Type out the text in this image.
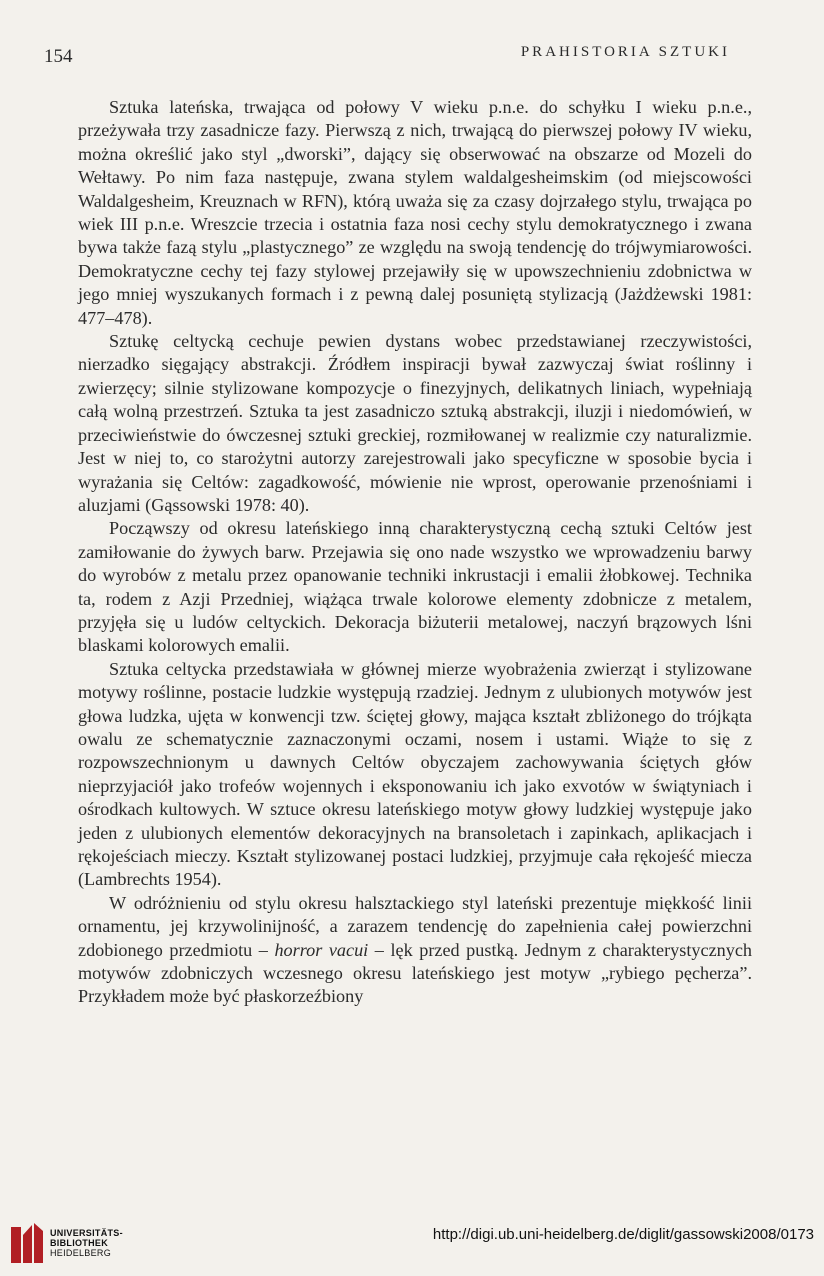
154	PRAHISTORIA SZTUKI

Sztuka lateńska, trwająca od połowy V wieku p.n.e. do schyłku I wieku p.n.e., przeżywała trzy zasadnicze fazy. Pierwszą z nich, trwającą do pierwszej połowy IV wieku, można określić jako styl „dworski”, dający się obserwować na obszarze od Mozeli do Wełtawy. Po nim faza następuje, zwana stylem waldalgesheimskim (od miejscowości Waldalgesheim, Kreuznach w RFN), którą uważa się za czasy dojrzałego stylu, trwająca po wiek III p.n.e. Wreszcie trzecia i ostatnia faza nosi cechy stylu demokratycznego i zwana bywa także fazą stylu „plastycznego” ze względu na swoją tendencję do trójwymiarowości. Demokratyczne cechy tej fazy stylowej przejawiły się w upowszechnieniu zdobnictwa w jego mniej wyszukanych formach i z pewną dalej posuniętą stylizacją (Jażdżewski 1981: 477–478).

Sztukę celtycką cechuje pewien dystans wobec przedstawianej rzeczywistości, nierzadko sięgający abstrakcji. Źródłem inspiracji bywał zazwyczaj świat roślinny i zwierzęcy; silnie stylizowane kompozycje o finezyjnych, delikatnych liniach, wypełniają całą wolną przestrzeń. Sztuka ta jest zasadniczo sztuką abstrakcji, iluzji i niedomówień, w przeciwieństwie do ówczesnej sztuki greckiej, rozmiłowanej w realizmie czy naturalizmie. Jest w niej to, co starożytni autorzy zarejestrowali jako specyficzne w sposobie bycia i wyrażania się Celtów: zagadkowość, mówienie nie wprost, operowanie przenośniami i aluzjami (Gąssowski 1978: 40).

Począwszy od okresu lateńskiego inną charakterystyczną cechą sztuki Celtów jest zamiłowanie do żywych barw. Przejawia się ono nade wszystko we wprowadzeniu barwy do wyrobów z metalu przez opanowanie techniki inkrustacji i emalii żłobkowej. Technika ta, rodem z Azji Przedniej, wiążąca trwale kolorowe elementy zdobnicze z metalem, przyjęła się u ludów celtyckich. Dekoracja biżuterii metalowej, naczyń brązowych lśni blaskami kolorowych emalii.

Sztuka celtycka przedstawiała w głównej mierze wyobrażenia zwierząt i stylizowane motywy roślinne, postacie ludzkie występują rzadziej. Jednym z ulubionych motywów jest głowa ludzka, ujęta w konwencji tzw. ściętej głowy, mająca kształt zbliżonego do trójkąta owalu ze schematycznie zaznaczonymi oczami, nosem i ustami. Wiąże to się z rozpowszechnionym u dawnych Celtów obyczajem zachowywania ściętych głów nieprzyjaciół jako trofeów wojennych i eksponowaniu ich jako exvotów w świątyniach i ośrodkach kultowych. W sztuce okresu lateńskiego motyw głowy ludzkiej występuje jako jeden z ulubionych elementów dekoracyjnych na bransoletach i zapinkach, aplikacjach i rękojeściach mieczy. Kształt stylizowanej postaci ludzkiej, przyjmuje cała rękojeść miecza (Lambrechts 1954).

W odróżnieniu od stylu okresu halsztackiego styl lateński prezentuje miękkość linii ornamentu, jej krzywolinijność, a zarazem tendencję do zapełnienia całej powierzchni zdobionego przedmiotu – horror vacui – lęk przed pustką. Jednym z charakterystycznych motywów zdobniczych wczesnego okresu lateńskiego jest motyw „rybiego pęcherza”. Przykładem może być płaskorzeźbiony

UNIVERSITÄTS-
BIBLIOTHEK
HEIDELBERG
http://digi.ub.uni-heidelberg.de/diglit/gassowski2008/0173
